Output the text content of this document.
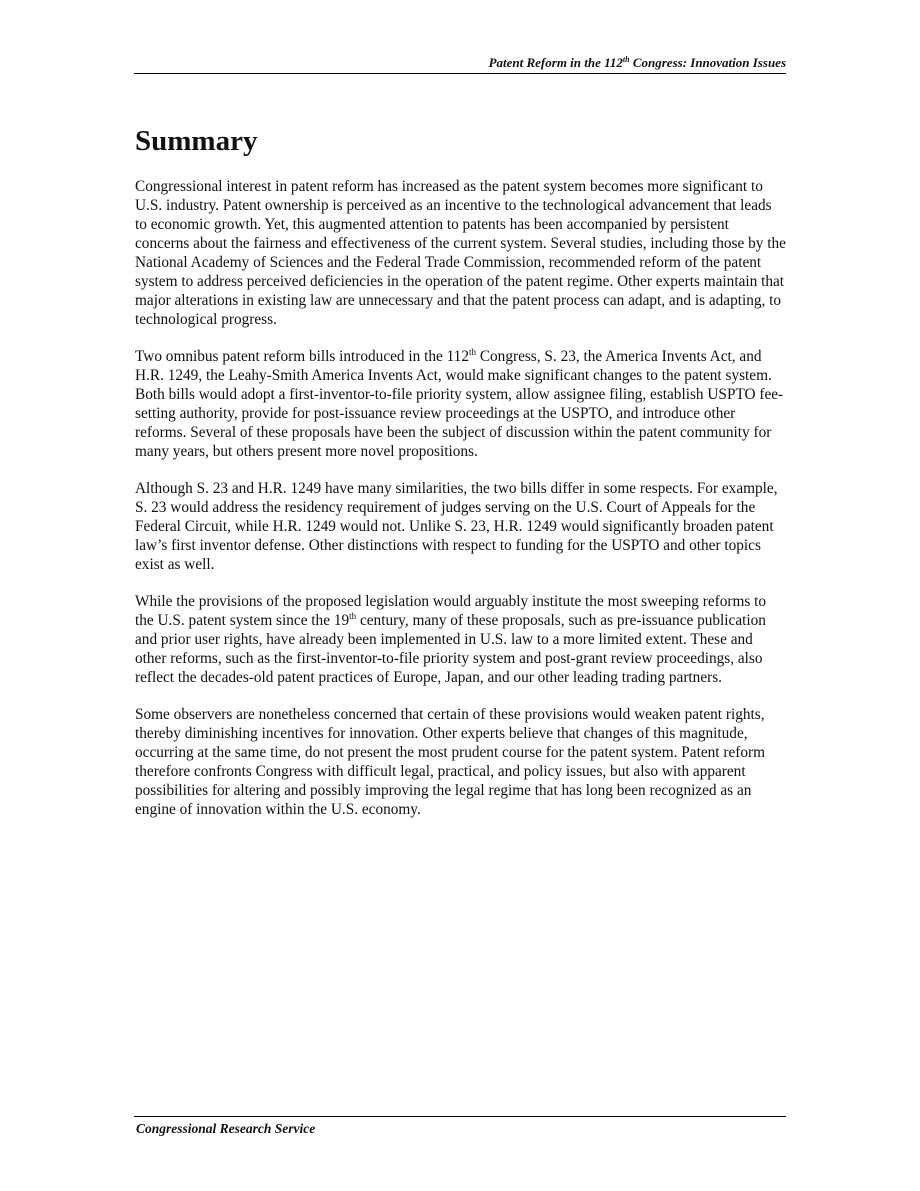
Patent Reform in the 112th Congress: Innovation Issues
Summary

Congressional interest in patent reform has increased as the patent system becomes more significant to U.S. industry. Patent ownership is perceived as an incentive to the technological advancement that leads to economic growth. Yet, this augmented attention to patents has been accompanied by persistent concerns about the fairness and effectiveness of the current system. Several studies, including those by the National Academy of Sciences and the Federal Trade Commission, recommended reform of the patent system to address perceived deficiencies in the operation of the patent regime. Other experts maintain that major alterations in existing law are unnecessary and that the patent process can adapt, and is adapting, to technological progress.

Two omnibus patent reform bills introduced in the 112th Congress, S. 23, the America Invents Act, and H.R. 1249, the Leahy-Smith America Invents Act, would make significant changes to the patent system. Both bills would adopt a first-inventor-to-file priority system, allow assignee filing, establish USPTO fee-setting authority, provide for post-issuance review proceedings at the USPTO, and introduce other reforms. Several of these proposals have been the subject of discussion within the patent community for many years, but others present more novel propositions.

Although S. 23 and H.R. 1249 have many similarities, the two bills differ in some respects. For example, S. 23 would address the residency requirement of judges serving on the U.S. Court of Appeals for the Federal Circuit, while H.R. 1249 would not. Unlike S. 23, H.R. 1249 would significantly broaden patent law’s first inventor defense. Other distinctions with respect to funding for the USPTO and other topics exist as well.

While the provisions of the proposed legislation would arguably institute the most sweeping reforms to the U.S. patent system since the 19th century, many of these proposals, such as pre-issuance publication and prior user rights, have already been implemented in U.S. law to a more limited extent. These and other reforms, such as the first-inventor-to-file priority system and post-grant review proceedings, also reflect the decades-old patent practices of Europe, Japan, and our other leading trading partners.

Some observers are nonetheless concerned that certain of these provisions would weaken patent rights, thereby diminishing incentives for innovation. Other experts believe that changes of this magnitude, occurring at the same time, do not present the most prudent course for the patent system. Patent reform therefore confronts Congress with difficult legal, practical, and policy issues, but also with apparent possibilities for altering and possibly improving the legal regime that has long been recognized as an engine of innovation within the U.S. economy.

Congressional Research Service
